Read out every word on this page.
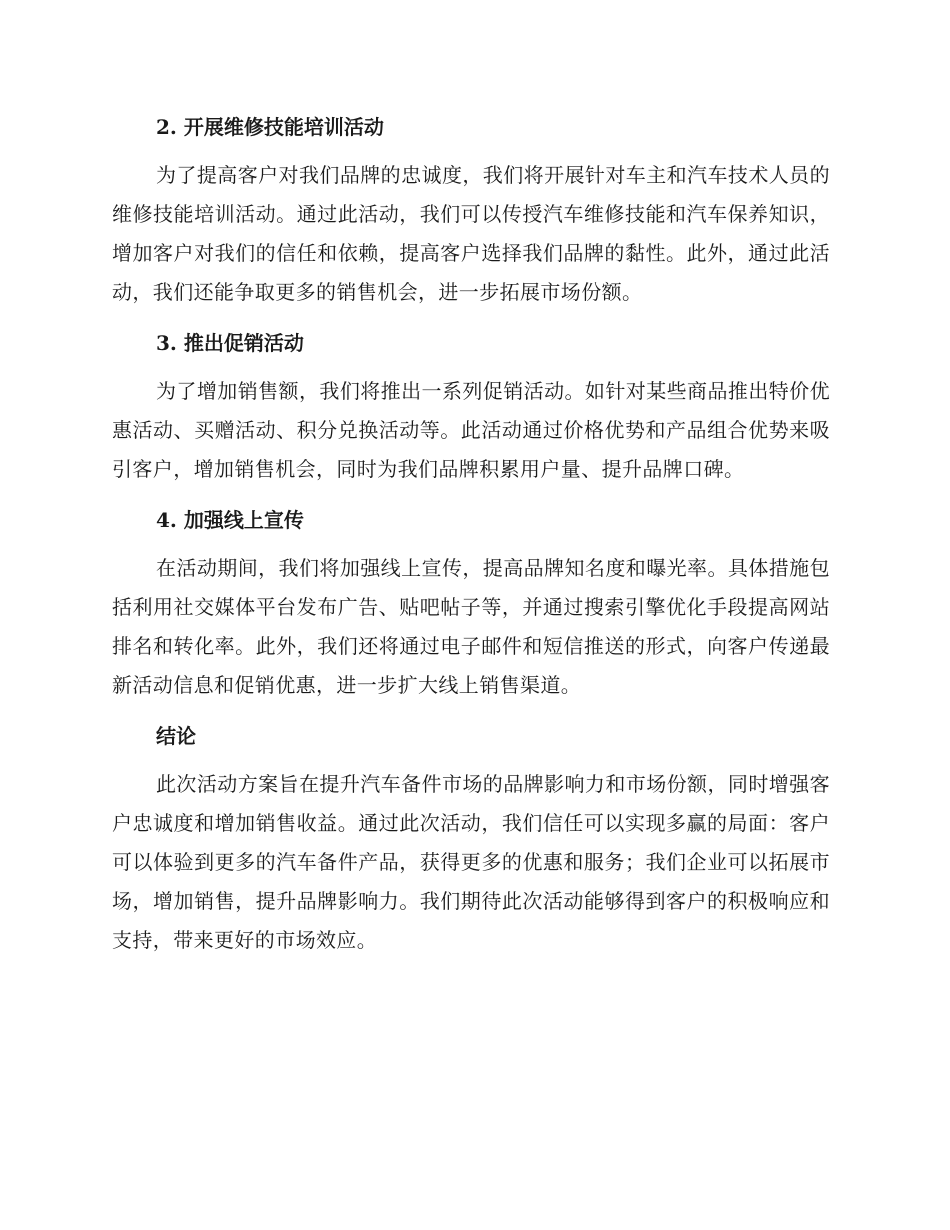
2. 开展维修技能培训活动

为了提高客户对我们品牌的忠诚度，我们将开展针对车主和汽车技术人员的维修技能培训活动。通过此活动，我们可以传授汽车维修技能和汽车保养知识，增加客户对我们的信任和依赖，提高客户选择我们品牌的黏性。此外，通过此活动，我们还能争取更多的销售机会，进一步拓展市场份额。

3. 推出促销活动

为了增加销售额，我们将推出一系列促销活动。如针对某些商品推出特价优惠活动、买赠活动、积分兑换活动等。此活动通过价格优势和产品组合优势来吸引客户，增加销售机会，同时为我们品牌积累用户量、提升品牌口碑。

4. 加强线上宣传

在活动期间，我们将加强线上宣传，提高品牌知名度和曝光率。具体措施包括利用社交媒体平台发布广告、贴吧帖子等，并通过搜索引擎优化手段提高网站排名和转化率。此外，我们还将通过电子邮件和短信推送的形式，向客户传递最新活动信息和促销优惠，进一步扩大线上销售渠道。

结论

此次活动方案旨在提升汽车备件市场的品牌影响力和市场份额，同时增强客户忠诚度和增加销售收益。通过此次活动，我们信任可以实现多赢的局面：客户可以体验到更多的汽车备件产品，获得更多的优惠和服务；我们企业可以拓展市场，增加销售，提升品牌影响力。我们期待此次活动能够得到客户的积极响应和支持，带来更好的市场效应。
